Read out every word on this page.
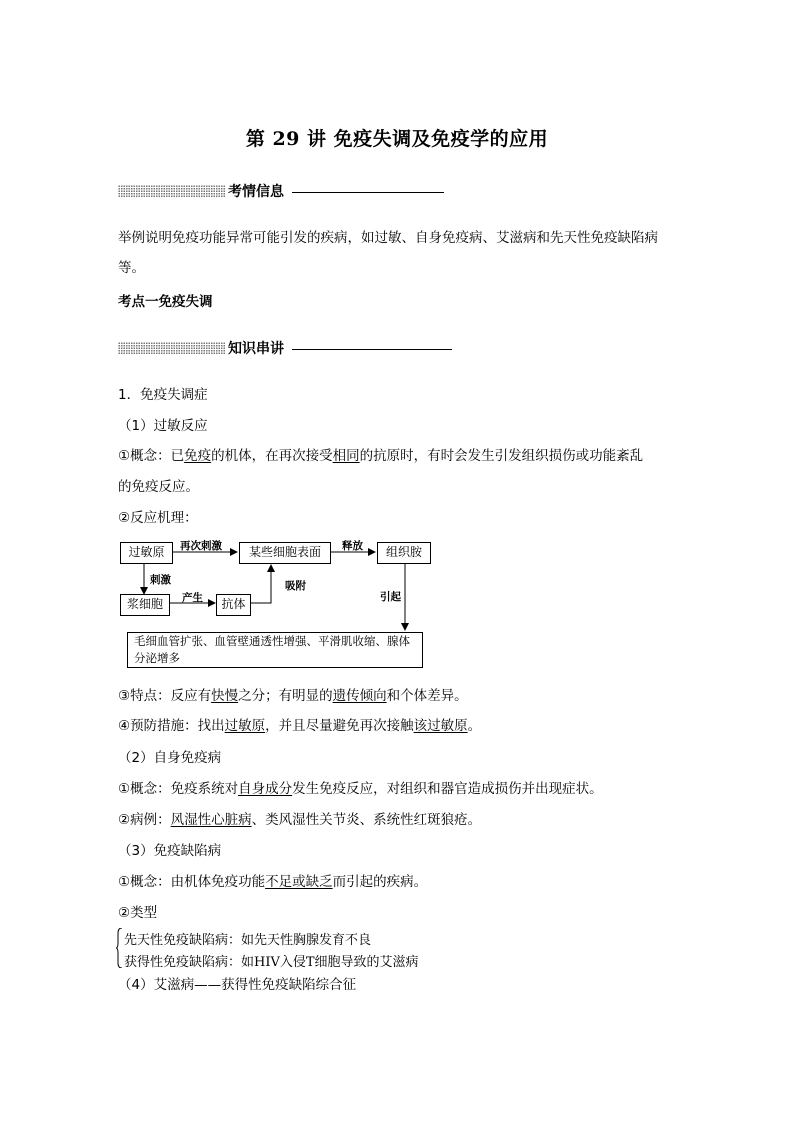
第 29 讲 免疫失调及免疫学的应用
考情信息
举例说明免疫功能异常可能引发的疾病，如过敏、自身免疫病、艾滋病和先天性免疫缺陷病
等。
考点一免疫失调
知识串讲
1．免疫失调症
（1）过敏反应
①概念：已免疫的机体，在再次接受相同的抗原时，有时会发生引发组织损伤或功能紊乱
的免疫反应。
②反应机理：
过敏原	某些细胞表面	组织胺
浆细胞	抗体
毛细血管扩张、血管壁通透性增强、平滑肌收缩、腺体
分泌增多
再次刺激	释放
刺激
产生
吸附
引起
③特点：反应有快慢之分；有明显的遗传倾向和个体差异。
④预防措施：找出过敏原，并且尽量避免再次接触该过敏原。
（2）自身免疫病
①概念：免疫系统对自身成分发生免疫反应，对组织和器官造成损伤并出现症状。
②病例：风湿性心脏病、类风湿性关节炎、系统性红斑狼疮。
（3）免疫缺陷病
①概念：由机体免疫功能不足或缺乏而引起的疾病。
②类型
先天性免疫缺陷病：如先天性胸腺发育不良
获得性免疫缺陷病：如HIV入侵T细胞导致的艾滋病
（4）艾滋病——获得性免疫缺陷综合征
